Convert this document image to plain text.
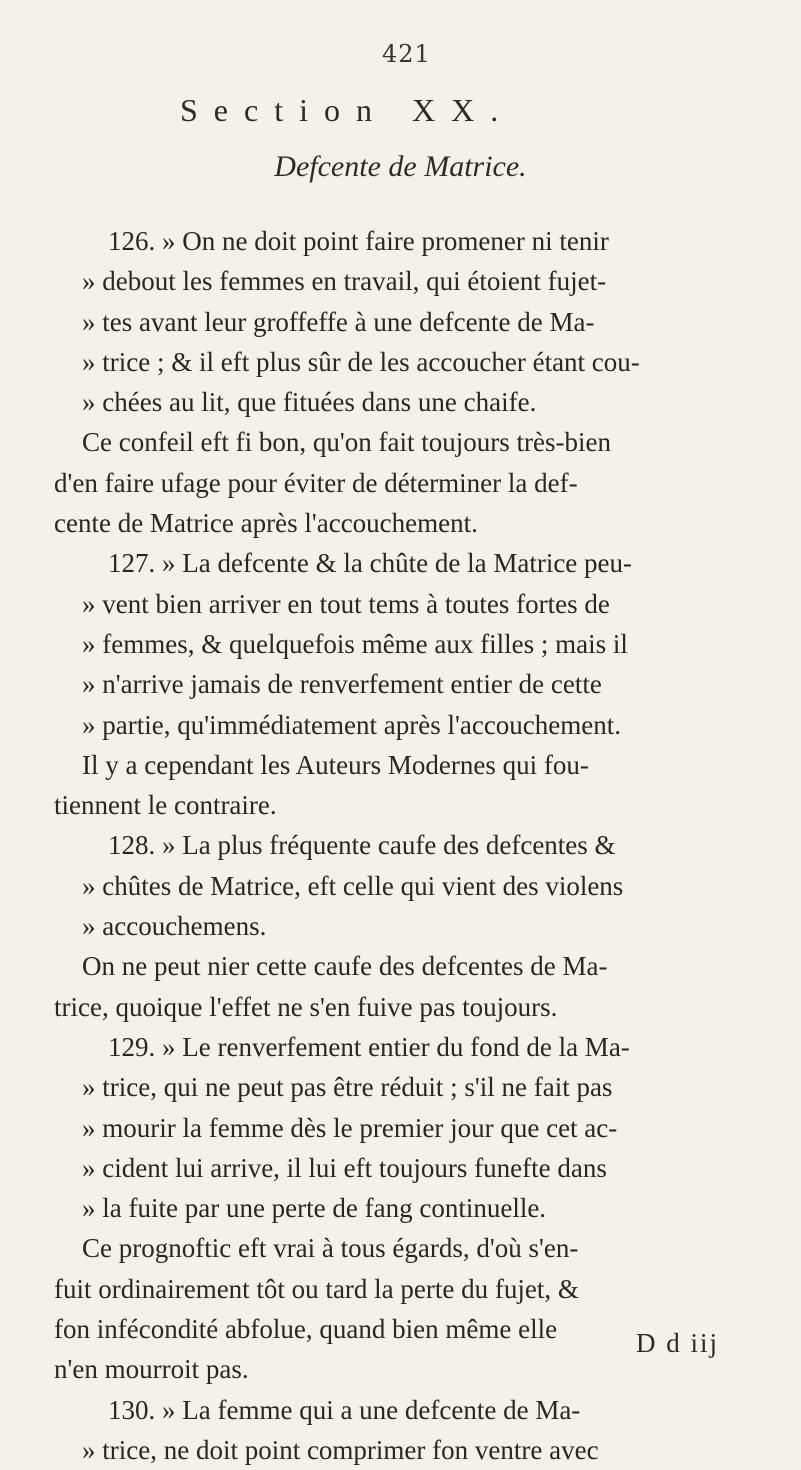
421
Section XX.
Defcente de Matrice.
126. » On ne doit point faire promener ni tenir
» debout les femmes en travail, qui étoient fujet-
» tes avant leur groffeffe à une defcente de Ma-
» trice ; & il eft plus sûr de les accoucher étant cou-
» chées au lit, que fituées dans une chaife.
Ce confeil eft fi bon, qu'on fait toujours très-bien
d'en faire ufage pour éviter de déterminer la def-
cente de Matrice après l'accouchement.
127. » La defcente & la chûte de la Matrice peu-
» vent bien arriver en tout tems à toutes fortes de
» femmes, & quelquefois même aux filles ; mais il
» n'arrive jamais de renverfement entier de cette
» partie, qu'immédiatement après l'accouchement.
Il y a cependant les Auteurs Modernes qui fou-
tiennent le contraire.
128. » La plus fréquente caufe des defcentes &
» chûtes de Matrice, eft celle qui vient des violens
» accouchemens.
On ne peut nier cette caufe des defcentes de Ma-
trice, quoique l'effet ne s'en fuive pas toujours.
129. » Le renverfement entier du fond de la Ma-
» trice, qui ne peut pas être réduit ; s'il ne fait pas
» mourir la femme dès le premier jour que cet ac-
» cident lui arrive, il lui eft toujours funefte dans
» la fuite par une perte de fang continuelle.
Ce prognoftic eft vrai à tous égards, d'où s'en-
fuit ordinairement tôt ou tard la perte du fujet, &
fon infécondité abfolue, quand bien même elle
n'en mourroit pas.
130. » La femme qui a une defcente de Ma-
» trice, ne doit point comprimer fon ventre avec
D d iij
